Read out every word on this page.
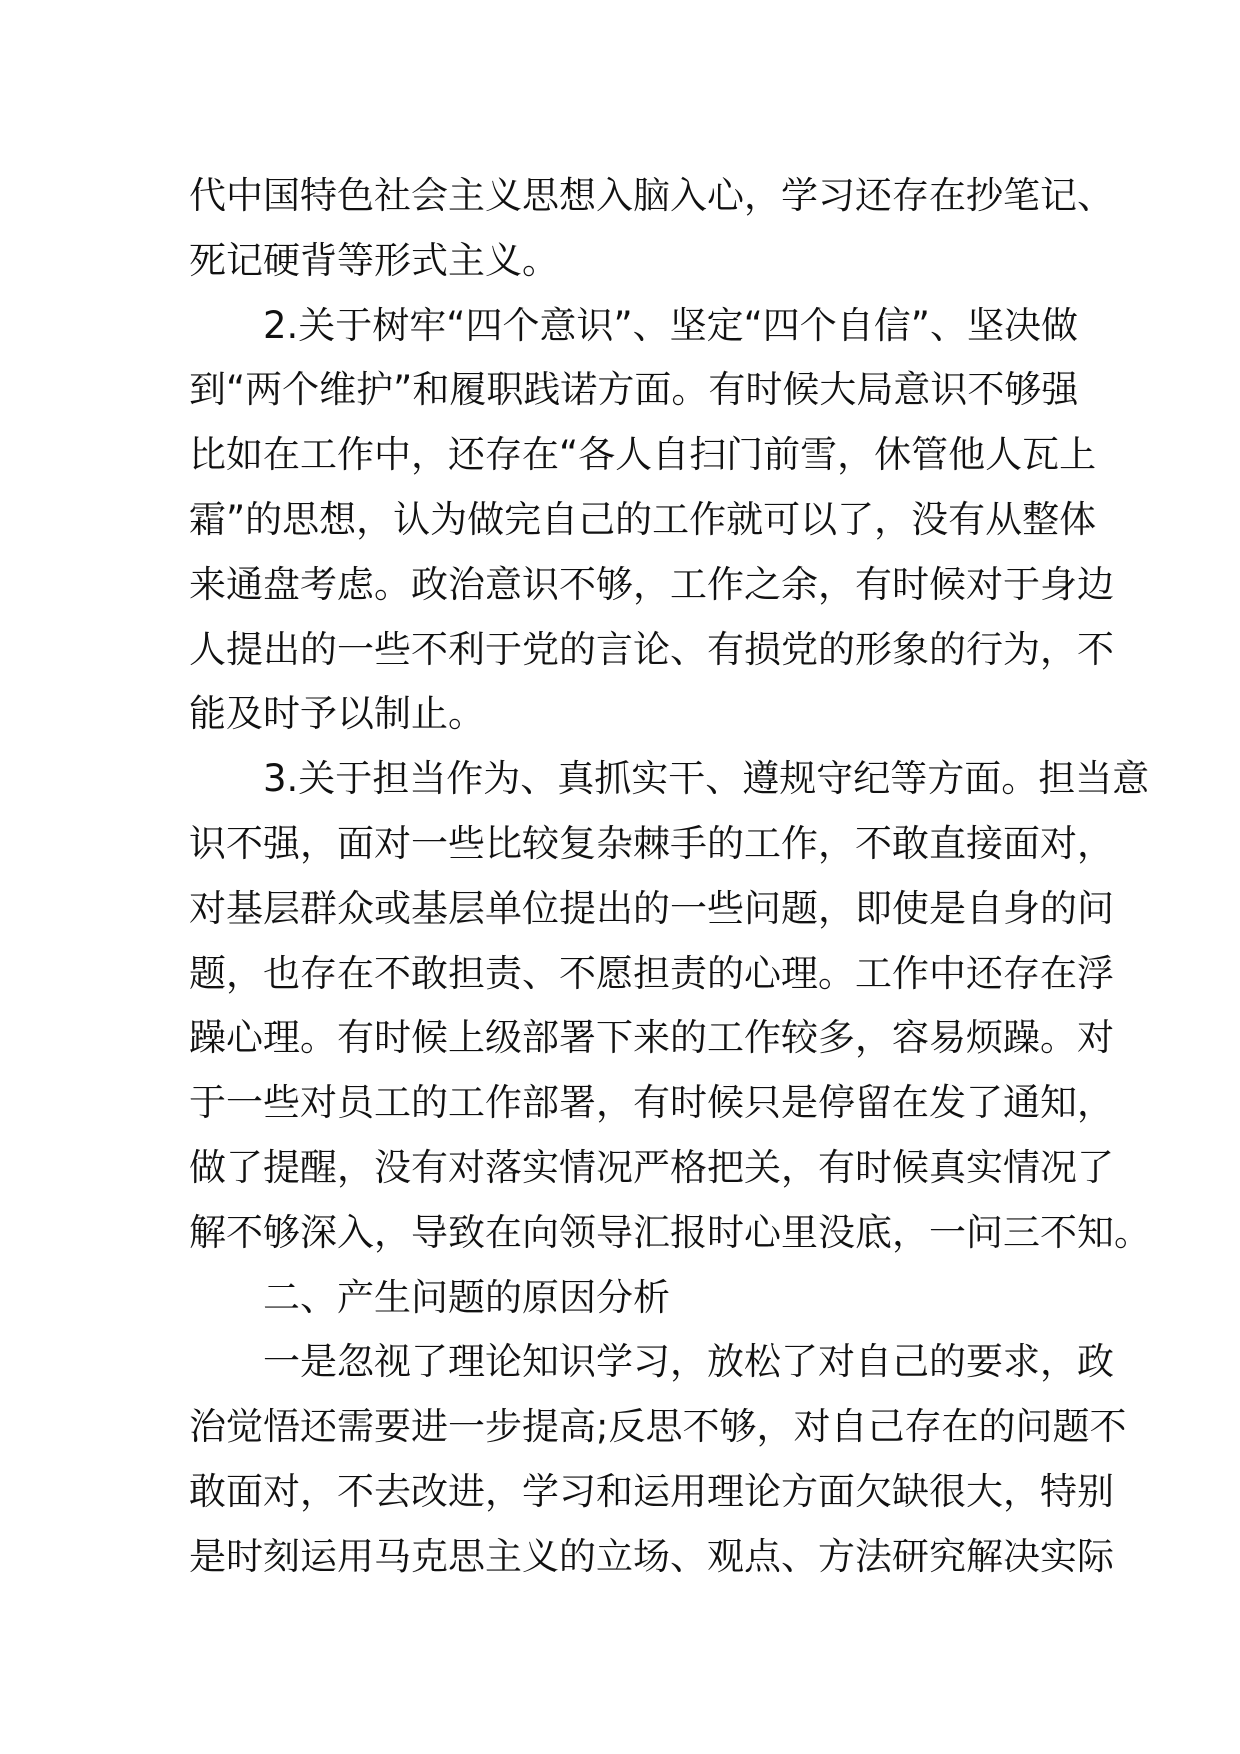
代中国特色社会主义思想入脑入心，学习还存在抄笔记、
死记硬背等形式主义。
2.关于树牢“四个意识”、坚定“四个自信”、坚决做
到“两个维护”和履职践诺方面。有时候大局意识不够强
比如在工作中，还存在“各人自扫门前雪，休管他人瓦上
霜”的思想，认为做完自己的工作就可以了，没有从整体
来通盘考虑。政治意识不够，工作之余，有时候对于身边
人提出的一些不利于党的言论、有损党的形象的行为，不
能及时予以制止。
3.关于担当作为、真抓实干、遵规守纪等方面。担当意
识不强，面对一些比较复杂棘手的工作，不敢直接面对，
对基层群众或基层单位提出的一些问题，即使是自身的问
题，也存在不敢担责、不愿担责的心理。工作中还存在浮
躁心理。有时候上级部署下来的工作较多，容易烦躁。对
于一些对员工的工作部署，有时候只是停留在发了通知，
做了提醒，没有对落实情况严格把关，有时候真实情况了
解不够深入，导致在向领导汇报时心里没底，一问三不知。
二、产生问题的原因分析
一是忽视了理论知识学习，放松了对自己的要求，政
治觉悟还需要进一步提高;反思不够，对自己存在的问题不
敢面对，不去改进，学习和运用理论方面欠缺很大，特别
是时刻运用马克思主义的立场、观点、方法研究解决实际
